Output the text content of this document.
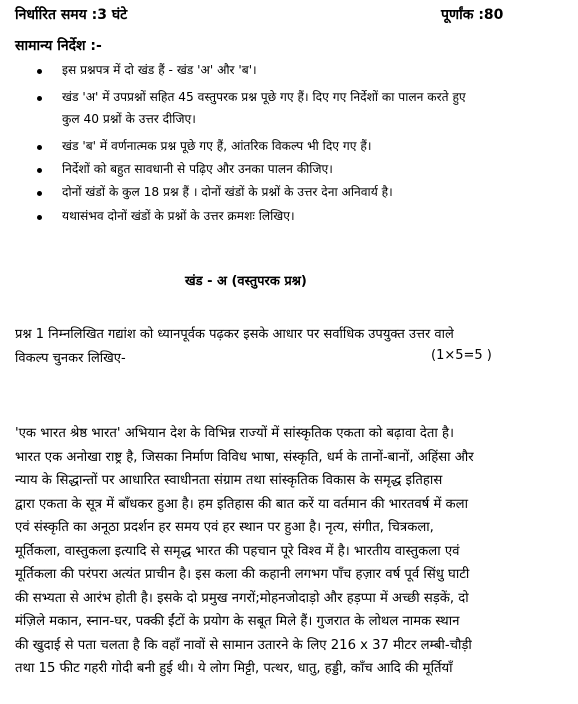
निर्धारित समय :3 घंटे	पूर्णांक :80
सामान्य निर्देश :-
इस प्रश्नपत्र में दो खंड हैं - खंड 'अ' और 'ब'।
खंड 'अ' में उपप्रश्नों सहित 45 वस्तुपरक प्रश्न पूछे गए हैं। दिए गए निर्देशों का पालन करते हुए
कुल 40 प्रश्नों के उत्तर दीजिए।
खंड 'ब' में वर्णनात्मक प्रश्न पूछे गए हैं, आंतरिक विकल्प भी दिए गए हैं।
निर्देशों को बहुत सावधानी से पढ़िए और उनका पालन कीजिए।
दोनों खंडों के कुल 18 प्रश्न हैं । दोनों खंडों के प्रश्नों के उत्तर देना अनिवार्य है।
यथासंभव दोनों खंडों के प्रश्नों के उत्तर क्रमशः लिखिए।
खंड - अ (वस्तुपरक प्रश्न)
प्रश्न 1 निम्नलिखित गद्यांश को ध्यानपूर्वक पढ़कर इसके आधार पर सर्वाधिक उपयुक्त उत्तर वाले
विकल्प चुनकर लिखिए-	(1×5=5 )
'एक भारत श्रेष्ठ भारत' अभियान देश के विभिन्न राज्यों में सांस्कृतिक एकता को बढ़ावा देता है।
भारत एक अनोखा राष्ट्र है, जिसका निर्माण विविध भाषा, संस्कृति, धर्म के तानों-बानों, अहिंसा और
न्याय के सिद्धान्तों पर आधारित स्वाधीनता संग्राम तथा सांस्कृतिक विकास के समृद्ध इतिहास
द्वारा एकता के सूत्र में बाँधकर हुआ है। हम इतिहास की बात करें या वर्तमान की भारतवर्ष में कला
एवं संस्कृति का अनूठा प्रदर्शन हर समय एवं हर स्थान पर हुआ है। नृत्य, संगीत, चित्रकला,
मूर्तिकला, वास्तुकला इत्यादि से समृद्ध भारत की पहचान पूरे विश्व में है। भारतीय वास्तुकला एवं
मूर्तिकला की परंपरा अत्यंत प्राचीन है। इस कला की कहानी लगभग पाँच हज़ार वर्ष पूर्व सिंधु घाटी
की सभ्यता से आरंभ होती है। इसके दो प्रमुख नगरों;मोहनजोदाड़ो और हड़प्पा में अच्छी सड़कें, दो
मंज़िले मकान, स्नान-घर, पक्की ईंटों के प्रयोग के सबूत मिले हैं। गुजरात के लोथल नामक स्थान
की खुदाई से पता चलता है कि वहाँ नावों से सामान उतारने के लिए 216 x 37 मीटर लम्बी-चौड़ी
तथा 15 फीट गहरी गोदी बनी हुई थी। ये लोग मिट्टी, पत्थर, धातु, हड्डी, काँच आदि की मूर्तियाँ
